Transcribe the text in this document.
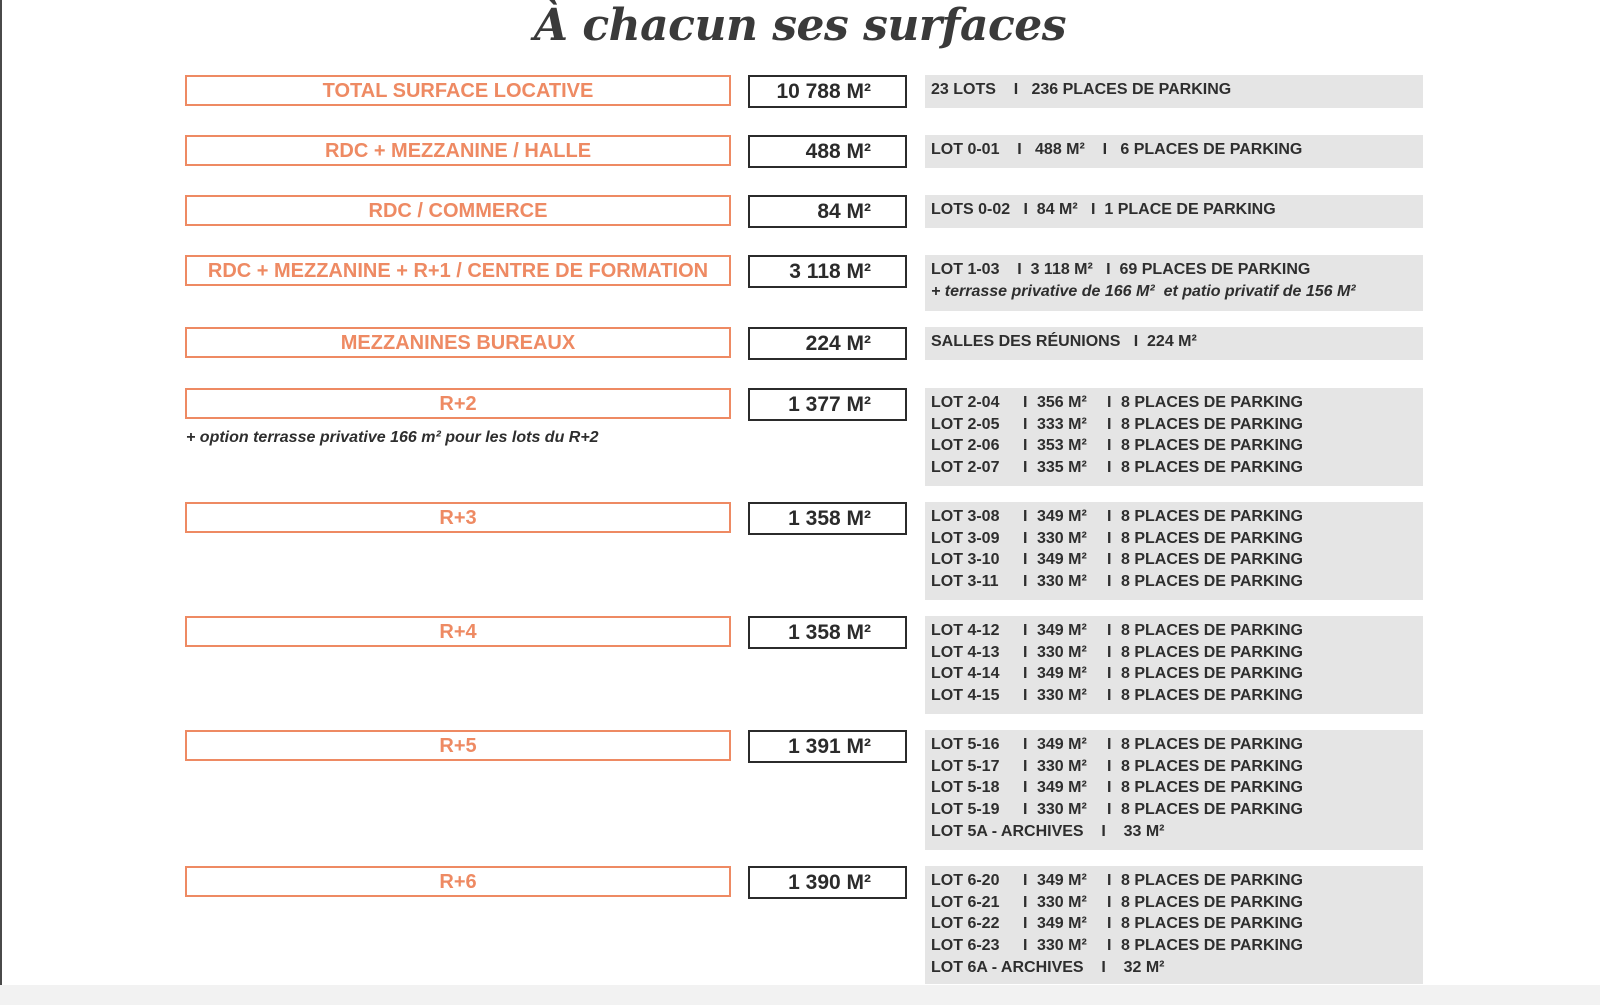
À chacun ses surfaces
TOTAL SURFACE LOCATIVE	10 788 M²	23 LOTS    I   236 PLACES DE PARKING
RDC + MEZZANINE / HALLE	488 M²	LOT 0-01    I   488 M²    I   6 PLACES DE PARKING
RDC / COMMERCE	84 M²	LOTS 0-02   I  84 M²   I  1 PLACE DE PARKING
RDC + MEZZANINE + R+1 / CENTRE DE FORMATION	3 118 M²	LOT 1-03    I  3 118 M²   I  69 PLACES DE PARKING
+ terrasse privative de 166 M²  et patio privatif de 156 M²
MEZZANINES BUREAUX	224 M²	SALLES DES RÉUNIONS   I  224 M²
R+2	1 377 M²
+ option terrasse privative 166 m² pour les lots du R+2
LOT 2-04 I 356 M² I 8 PLACES DE PARKING
LOT 2-05 I 333 M² I 8 PLACES DE PARKING
LOT 2-06 I 353 M² I 8 PLACES DE PARKING
LOT 2-07 I 335 M² I 8 PLACES DE PARKING
R+3	1 358 M²	LOT 3-08 I 349 M² I 8 PLACES DE PARKING
LOT 3-09 I 330 M² I 8 PLACES DE PARKING
LOT 3-10 I 349 M² I 8 PLACES DE PARKING
LOT 3-11 I 330 M² I 8 PLACES DE PARKING
R+4	1 358 M²	LOT 4-12 I 349 M² I 8 PLACES DE PARKING
LOT 4-13 I 330 M² I 8 PLACES DE PARKING
LOT 4-14 I 349 M² I 8 PLACES DE PARKING
LOT 4-15 I 330 M² I 8 PLACES DE PARKING
R+5	1 391 M²	LOT 5-16 I 349 M² I 8 PLACES DE PARKING
LOT 5-17 I 330 M² I 8 PLACES DE PARKING
LOT 5-18 I 349 M² I 8 PLACES DE PARKING
LOT 5-19 I 330 M² I 8 PLACES DE PARKING
LOT 5A - ARCHIVES    I    33 M²
R+6	1 390 M²	LOT 6-20 I 349 M² I 8 PLACES DE PARKING
LOT 6-21 I 330 M² I 8 PLACES DE PARKING
LOT 6-22 I 349 M² I 8 PLACES DE PARKING
LOT 6-23 I 330 M² I 8 PLACES DE PARKING
LOT 6A - ARCHIVES    I    32 M²
